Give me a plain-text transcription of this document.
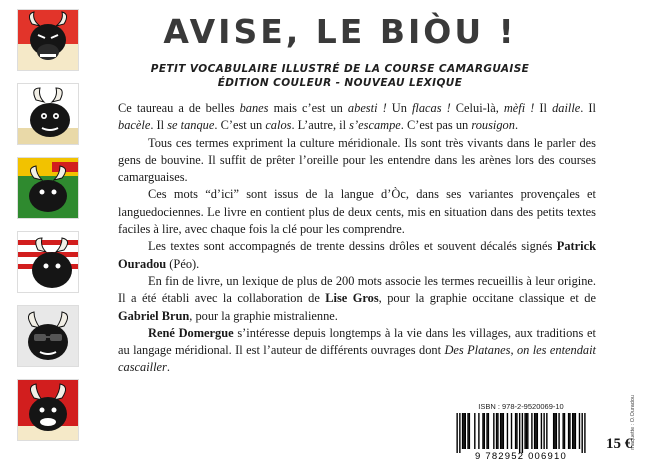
AVISE, LE BIÒU !
PETIT VOCABULAIRE ILLUSTRÉ DE LA COURSE CAMARGUAISE
ÉDITION COULEUR - NOUVEAU LEXIQUE

Ce taureau a de belles banes mais c’est un abesti ! Un flacas ! Celui-là, mèfi ! Il daille. Il bacèle. Il se tanque. C’est un calos. L’autre, il s’escampe. C’est pas un rousigon.

Tous ces termes expriment la culture méridionale. Ils sont très vivants dans le parler des gens de bouvine. Il suffit de prêter l’oreille pour les entendre dans les arènes lors des courses camarguaises.

Ces mots “d’ici” sont issus de la langue d’Òc, dans ses variantes provençales et languedociennes. Le livre en contient plus de deux cents, mis en situation dans des petits textes faciles à lire, avec chaque fois la clé pour les comprendre.

Les textes sont accompagnés de trente dessins drôles et souvent décalés signés Patrick Ouradou (Péo).

En fin de livre, un lexique de plus de 200 mots associe les termes recueillis à leur origine. Il a été établi avec la collaboration de Lise Gros, pour la graphie occitane classique et de Gabriel Brun, pour la graphie mistralienne.

René Domergue s’intéresse depuis longtemps à la vie dans les villages, aux traditions et au langage méridional. Il est l’auteur de différents ouvrages dont Des Platanes, on les entendait cascailler.

ISBN : 978-2-9520069-10
9 782952 006910
15 €
maquette : O.Ouradou
